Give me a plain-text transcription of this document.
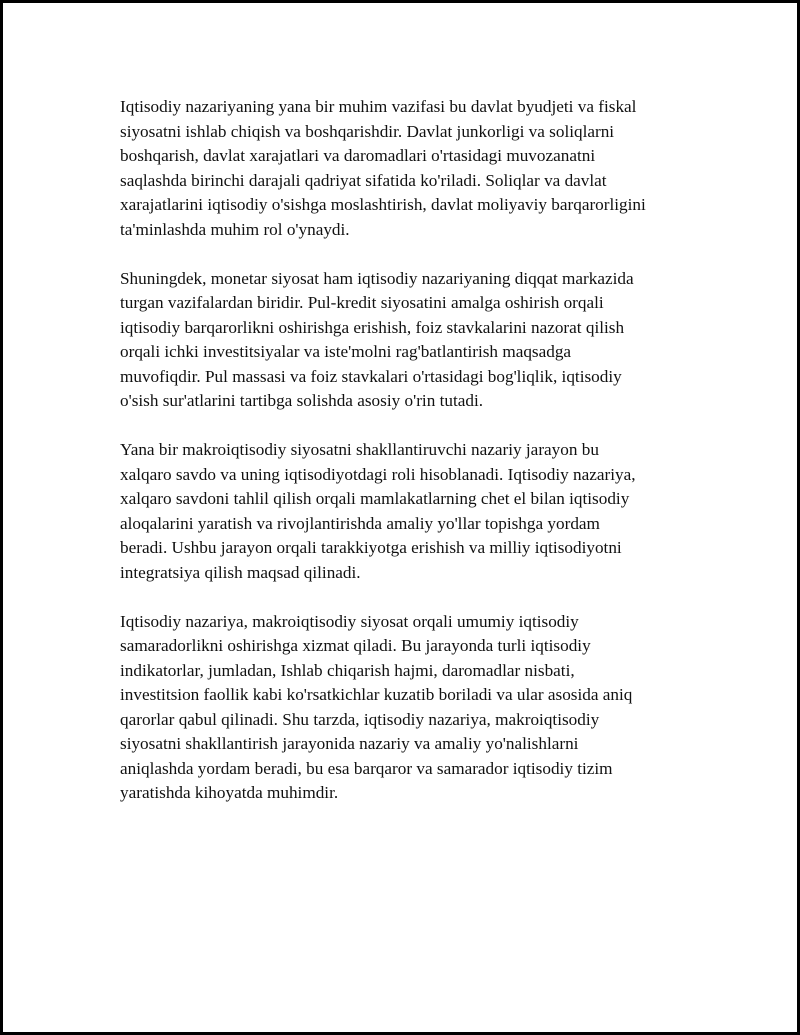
Iqtisodiy nazariyaning yana bir muhim vazifasi bu davlat byudjeti va fiskal
siyosatni ishlab chiqish va boshqarishdir. Davlat junkorligi va soliqlarni
boshqarish, davlat xarajatlari va daromadlari o'rtasidagi muvozanatni
saqlashda birinchi darajali qadriyat sifatida ko'riladi. Soliqlar va davlat
xarajatlarini iqtisodiy o'sishga moslashtirish, davlat moliyaviy barqarorligini
ta'minlashda muhim rol o'ynaydi.

Shuningdek, monetar siyosat ham iqtisodiy nazariyaning diqqat markazida
turgan vazifalardan biridir. Pul-kredit siyosatini amalga oshirish orqali
iqtisodiy barqarorlikni oshirishga erishish, foiz stavkalarini nazorat qilish
orqali ichki investitsiyalar va iste'molni rag'batlantirish maqsadga
muvofiqdir. Pul massasi va foiz stavkalari o'rtasidagi bog'liqlik, iqtisodiy
o'sish sur'atlarini tartibga solishda asosiy o'rin tutadi.

Yana bir makroiqtisodiy siyosatni shakllantiruvchi nazariy jarayon bu
xalqaro savdo va uning iqtisodiyotdagi roli hisoblanadi. Iqtisodiy nazariya,
xalqaro savdoni tahlil qilish orqali mamlakatlarning chet el bilan iqtisodiy
aloqalarini yaratish va rivojlantirishda amaliy yo'llar topishga yordam
beradi. Ushbu jarayon orqali tarakkiyotga erishish va milliy iqtisodiyotni
integratsiya qilish maqsad qilinadi.

Iqtisodiy nazariya, makroiqtisodiy siyosat orqali umumiy iqtisodiy
samaradorlikni oshirishga xizmat qiladi. Bu jarayonda turli iqtisodiy
indikatorlar, jumladan, Ishlab chiqarish hajmi, daromadlar nisbati,
investitsion faollik kabi ko'rsatkichlar kuzatib boriladi va ular asosida aniq
qarorlar qabul qilinadi. Shu tarzda, iqtisodiy nazariya, makroiqtisodiy
siyosatni shakllantirish jarayonida nazariy va amaliy yo'nalishlarni
aniqlashda yordam beradi, bu esa barqaror va samarador iqtisodiy tizim
yaratishda kihoyatda muhimdir.
